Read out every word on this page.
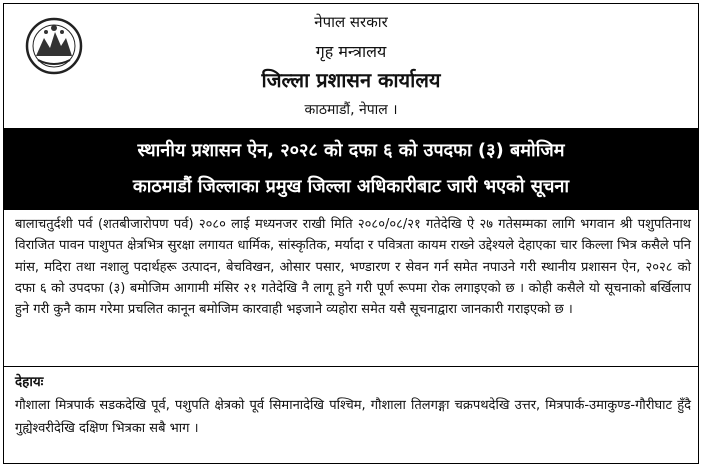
नेपाल सरकार
गृह मन्त्रालय
जिल्ला प्रशासन कार्यालय
काठमाडौं, नेपाल ।
स्थानीय प्रशासन ऐन, २०२८ को दफा ६ को उपदफा (३) बमोजिम
काठमाडौं जिल्लाका प्रमुख जिल्ला अधिकारीबाट जारी भएको सूचना
बालाचतुर्दशी पर्व (शतबीजारोपण पर्व) २०८० लाई मध्यनजर राखी मिति २०८०/०८/२१ गतेदेखि ऐ २७ गतेसम्मका लागि भगवान श्री पशुपतिनाथ विराजित पावन पाशुपत क्षेत्रभित्र सुरक्षा लगायत धार्मिक, सांस्कृतिक, मर्यादा र पवित्रता कायम राख्ने उद्देश्यले देहाएका चार किल्ला भित्र कसैले पनि मांस, मदिरा तथा नशालु पदार्थहरू उत्पादन, बेचविखन, ओसार पसार, भण्डारण र सेवन गर्न समेत नपाउने गरी स्थानीय प्रशासन ऐन, २०२८ को दफा ६ को उपदफा (३) बमोजिम आगामी मंसिर २१ गतेदेखि नै लागू हुने गरी पूर्ण रूपमा रोक लगाइएको छ । कोही कसैले यो सूचनाको बर्खिलाप हुने गरी कुनै काम गरेमा प्रचलित कानून बमोजिम कारवाही भइजाने व्यहोरा समेत यसै सूचनाद्वारा जानकारी गराइएको छ ।
देहायः
गौशाला मित्रपार्क सडकदेखि पूर्व, पशुपति क्षेत्रको पूर्व सिमानादेखि पश्चिम, गौशाला तिलगङ्गा चक्रपथदेखि उत्तर, मित्रपार्क-उमाकुण्ड-गौरीघाट हुँदै गुह्येश्वरीदेखि दक्षिण भित्रका सबै भाग ।
